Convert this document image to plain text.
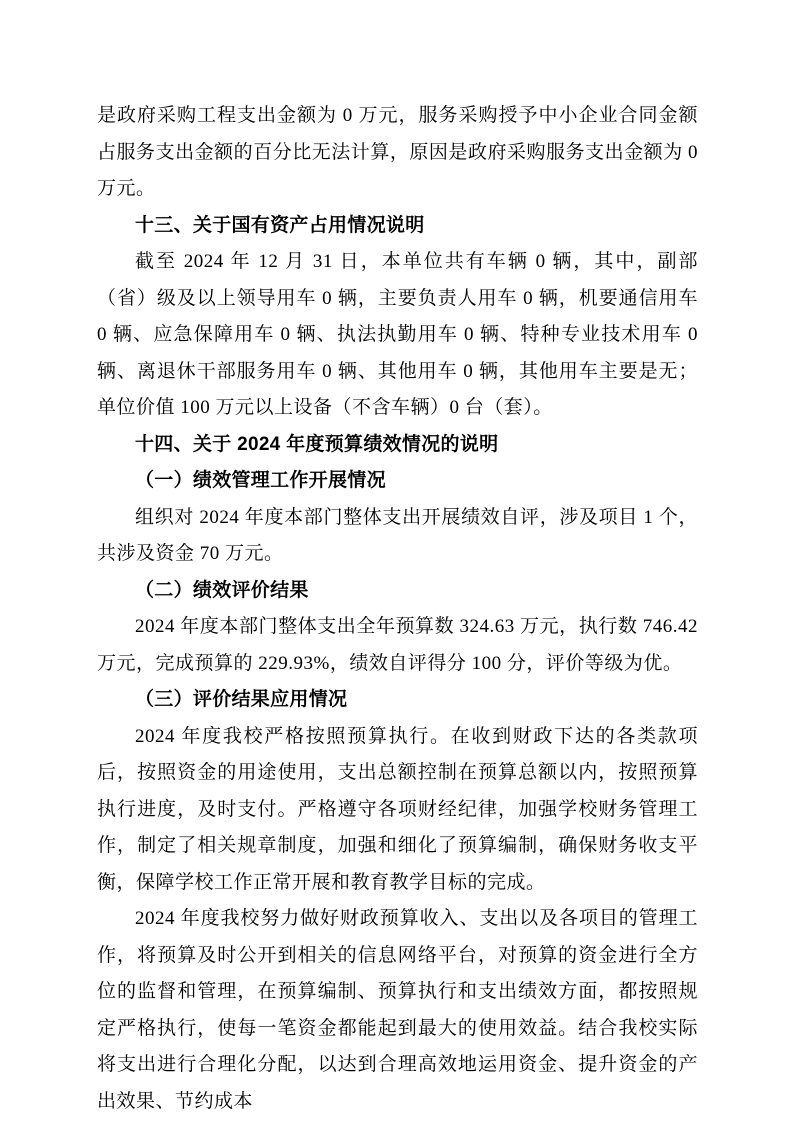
是政府采购工程支出金额为 0 万元，服务采购授予中小企业合同金额占服务支出金额的百分比无法计算，原因是政府采购服务支出金额为 0 万元。

十三、关于国有资产占用情况说明

截至 2024 年 12 月 31 日，本单位共有车辆 0 辆，其中，副部（省）级及以上领导用车 0 辆，主要负责人用车 0 辆，机要通信用车 0 辆、应急保障用车 0 辆、执法执勤用车 0 辆、特种专业技术用车 0 辆、离退休干部服务用车 0 辆、其他用车 0 辆，其他用车主要是无；单位价值 100 万元以上设备（不含车辆）0 台（套）。

十四、关于 2024 年度预算绩效情况的说明

（一）绩效管理工作开展情况

组织对 2024 年度本部门整体支出开展绩效自评，涉及项目 1 个，共涉及资金 70 万元。

（二）绩效评价结果

2024 年度本部门整体支出全年预算数 324.63 万元，执行数 746.42 万元，完成预算的 229.93%，绩效自评得分 100 分，评价等级为优。

（三）评价结果应用情况

2024 年度我校严格按照预算执行。在收到财政下达的各类款项后，按照资金的用途使用，支出总额控制在预算总额以内，按照预算执行进度，及时支付。严格遵守各项财经纪律，加强学校财务管理工作，制定了相关规章制度，加强和细化了预算编制，确保财务收支平衡，保障学校工作正常开展和教育教学目标的完成。

2024 年度我校努力做好财政预算收入、支出以及各项目的管理工作，将预算及时公开到相关的信息网络平台，对预算的资金进行全方位的监督和管理，在预算编制、预算执行和支出绩效方面，都按照规定严格执行，使每一笔资金都能起到最大的使用效益。结合我校实际将支出进行合理化分配，以达到合理高效地运用资金、提升资金的产出效果、节约成本
